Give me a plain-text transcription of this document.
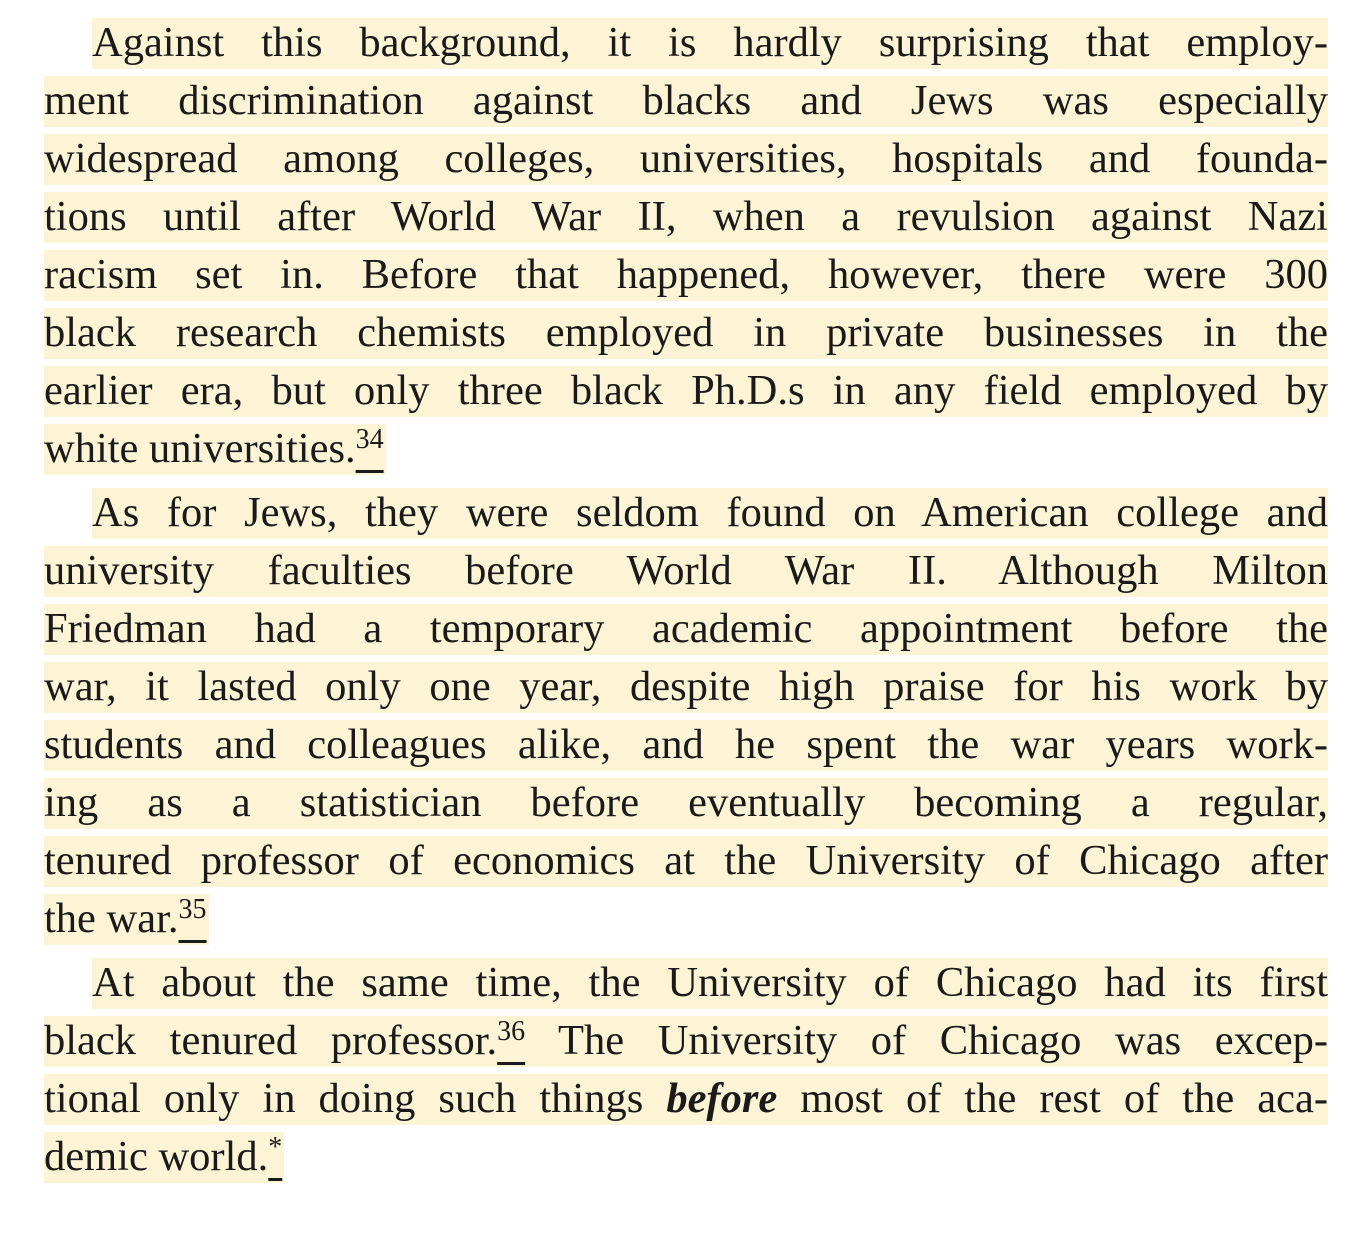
Against this background, it is hardly surprising that employ-
ment discrimination against blacks and Jews was especially
widespread among colleges, universities, hospitals and founda-
tions until after World War II, when a revulsion against Nazi
racism set in. Before that happened, however, there were 300
black research chemists employed in private businesses in the
earlier era, but only three black Ph.D.s in any field employed by
white universities.$^{34}$

As for Jews, they were seldom found on American college and
university faculties before World War II. Although Milton
Friedman had a temporary academic appointment before the
war, it lasted only one year, despite high praise for his work by
students and colleagues alike, and he spent the war years work-
ing as a statistician before eventually becoming a regular,
tenured professor of economics at the University of Chicago after
the war.$^{35}$

At about the same time, the University of Chicago had its first
black tenured professor.$^{36}$ The University of Chicago was excep-
tional only in doing such things before most of the rest of the aca-
demic world.*
